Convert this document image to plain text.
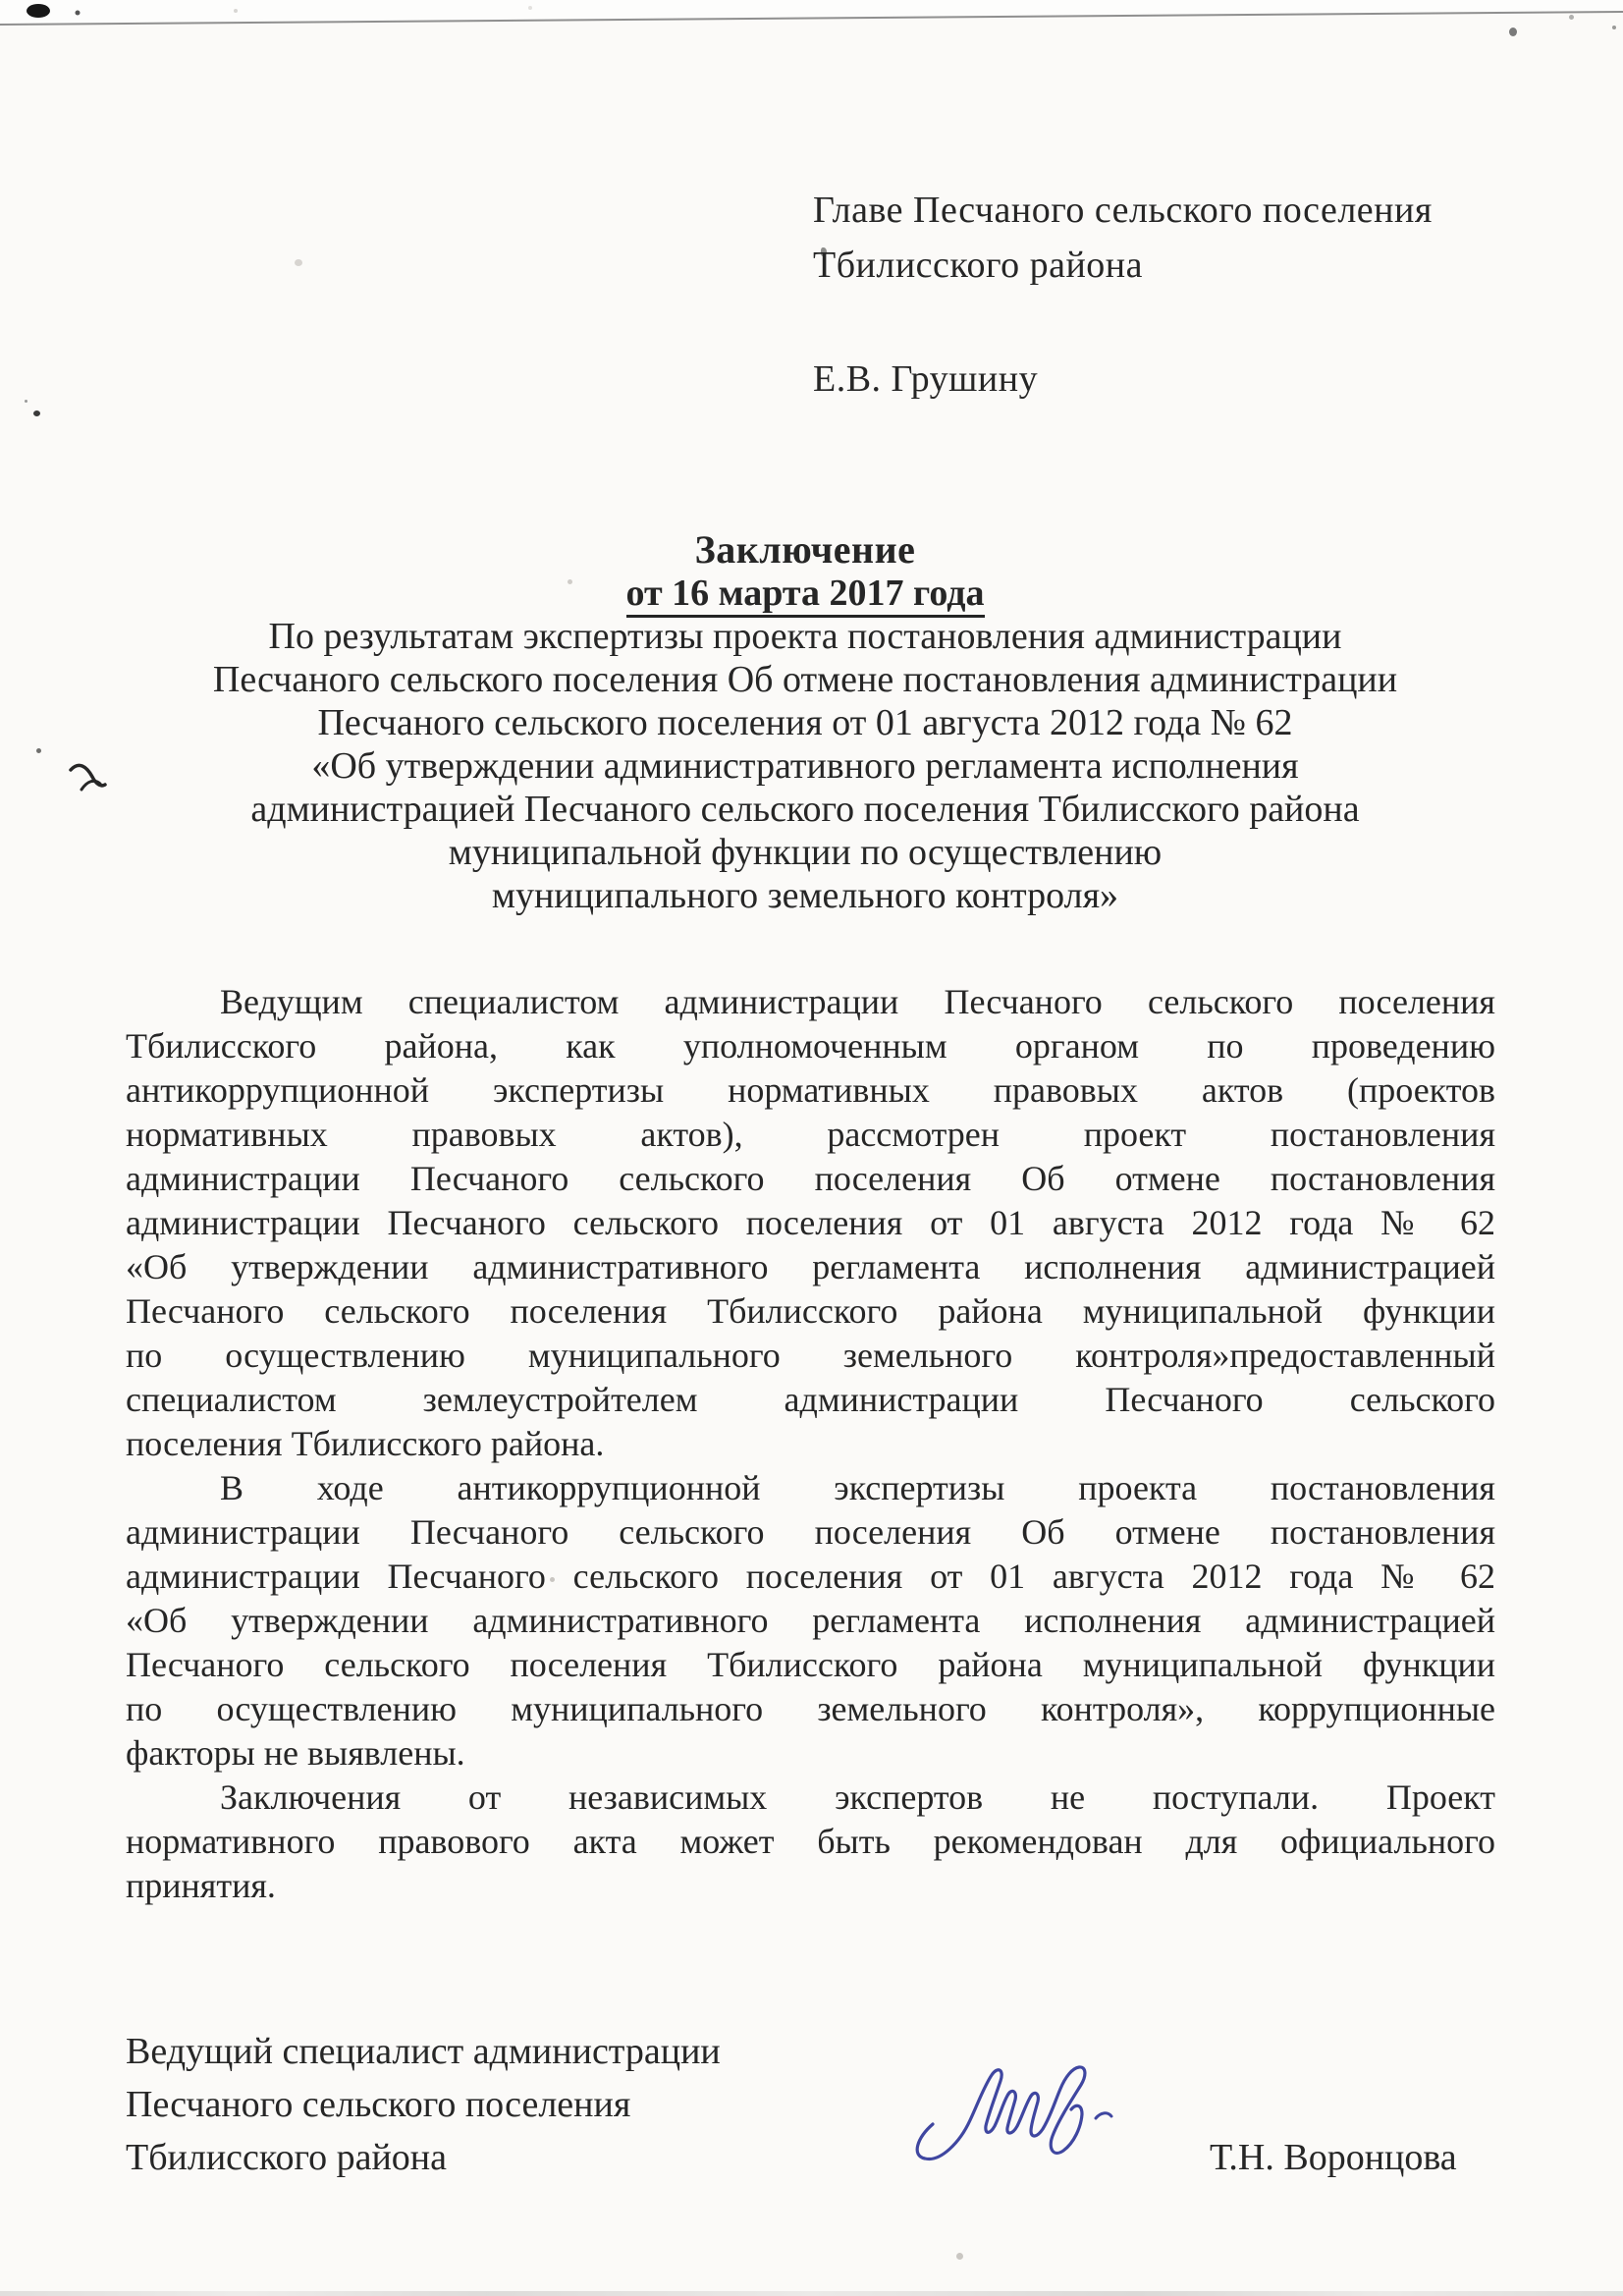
Главе Песчаного сельского поселения
Тбилисского района
Е.В. Грушину
Заключение
от 16 марта 2017 года
По результатам экспертизы проекта постановления администрации
Песчаного сельского поселения Об отмене постановления администрации
Песчаного сельского поселения от 01 августа 2012 года № 62
«Об утверждении административного регламента исполнения
администрацией Песчаного сельского поселения Тбилисского района
муниципальной функции по осуществлению
муниципального земельного контроля»
Ведущим специалистом администрации Песчаного сельского поселения
Тбилисского района, как уполномоченным органом по проведению
антикоррупционной экспертизы нормативных правовых актов (проектов
нормативных правовых актов), рассмотрен проект постановления
администрации Песчаного сельского поселения Об отмене постановления
администрации Песчаного сельского поселения от 01 августа 2012 года № 62
«Об утверждении административного регламента исполнения администрацией
Песчаного сельского поселения Тбилисского района муниципальной функции
по осуществлению муниципального земельного контроля»предоставленный
специалистом землеустройтелем администрации Песчаного сельского
поселения Тбилисского района.
В ходе антикоррупционной экспертизы проекта постановления
администрации Песчаного сельского поселения Об отмене постановления
администрации Песчаного сельского поселения от 01 августа 2012 года № 62
«Об утверждении административного регламента исполнения администрацией
Песчаного сельского поселения Тбилисского района муниципальной функции
по осуществлению муниципального земельного контроля», коррупционные
факторы не выявлены.
Заключения от независимых экспертов не поступали. Проект
нормативного правового акта может быть рекомендован для официального
принятия.
Ведущий специалист администрации
Песчаного сельского поселения
Тбилисского района	Т.Н. Воронцова
